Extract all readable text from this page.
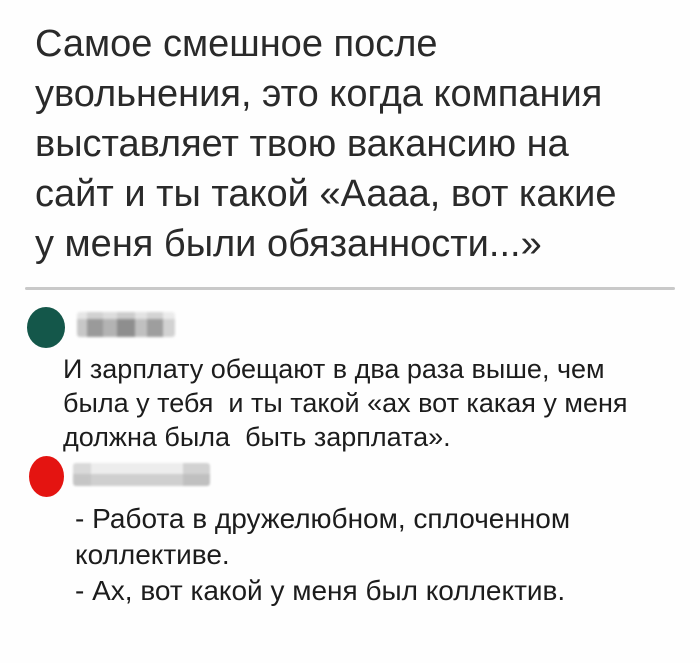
Самое смешное после
увольнения, это когда компания
выставляет твою вакансию на
сайт и ты такой «Аааа, вот какие
у меня были обязанности...»
И зарплату обещают в два раза выше, чем
была у тебя  и ты такой «ах вот какая у меня
должна была  быть зарплата».
- Работа в дружелюбном, сплоченном
коллективе.
- Ах, вот какой у меня был коллектив.
